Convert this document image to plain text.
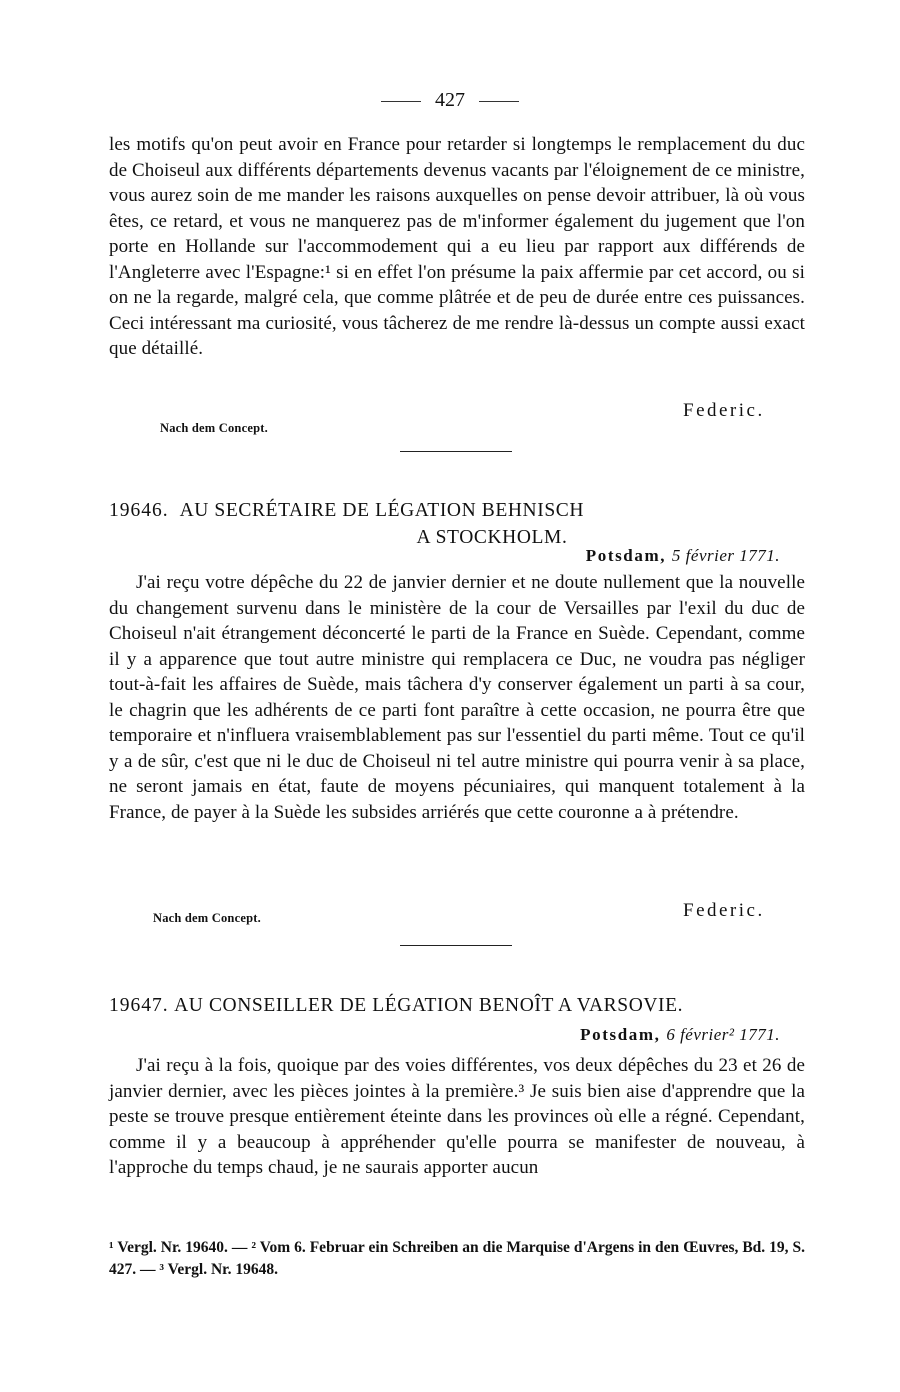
427

les motifs qu'on peut avoir en France pour retarder si longtemps le remplacement du duc de Choiseul aux différents départements devenus vacants par l'éloignement de ce ministre, vous aurez soin de me mander les raisons auxquelles on pense devoir attribuer, là où vous êtes, ce retard, et vous ne manquerez pas de m'informer également du jugement que l'on porte en Hollande sur l'accommodement qui a eu lieu par rapport aux différends de l'Angleterre avec l'Espagne:¹ si en effet l'on présume la paix affermie par cet accord, ou si on ne la regarde, malgré cela, que comme plâtrée et de peu de durée entre ces puissances. Ceci intéressant ma curiosité, vous tâcherez de me rendre là-dessus un compte aussi exact que détaillé.

Federic.
Nach dem Concept.
19646. AU SECRÉTAIRE DE LÉGATION BEHNISCH
A STOCKHOLM.
Potsdam, 5 février 1771.

J'ai reçu votre dépêche du 22 de janvier dernier et ne doute nullement que la nouvelle du changement survenu dans le ministère de la cour de Versailles par l'exil du duc de Choiseul n'ait étrangement déconcerté le parti de la France en Suède. Cependant, comme il y a apparence que tout autre ministre qui remplacera ce Duc, ne voudra pas négliger tout-à-fait les affaires de Suède, mais tâchera d'y conserver également un parti à sa cour, le chagrin que les adhérents de ce parti font paraître à cette occasion, ne pourra être que temporaire et n'influera vraisemblablement pas sur l'essentiel du parti même. Tout ce qu'il y a de sûr, c'est que ni le duc de Choiseul ni tel autre ministre qui pourra venir à sa place, ne seront jamais en état, faute de moyens pécuniaires, qui manquent totalement à la France, de payer à la Suède les subsides arriérés que cette couronne a à prétendre.

Nach dem Concept.	Federic.
19647. AU CONSEILLER DE LÉGATION BENOÎT A VARSOVIE.
Potsdam, 6 février² 1771.

J'ai reçu à la fois, quoique par des voies différentes, vos deux dépêches du 23 et 26 de janvier dernier, avec les pièces jointes à la première.³ Je suis bien aise d'apprendre que la peste se trouve presque entièrement éteinte dans les provinces où elle a régné. Cependant, comme il y a beaucoup à appréhender qu'elle pourra se manifester de nouveau, à l'approche du temps chaud, je ne saurais apporter aucun

¹ Vergl. Nr. 19640. — ² Vom 6. Februar ein Schreiben an die Marquise d'Argens in den Œuvres, Bd. 19, S. 427. — ³ Vergl. Nr. 19648.
